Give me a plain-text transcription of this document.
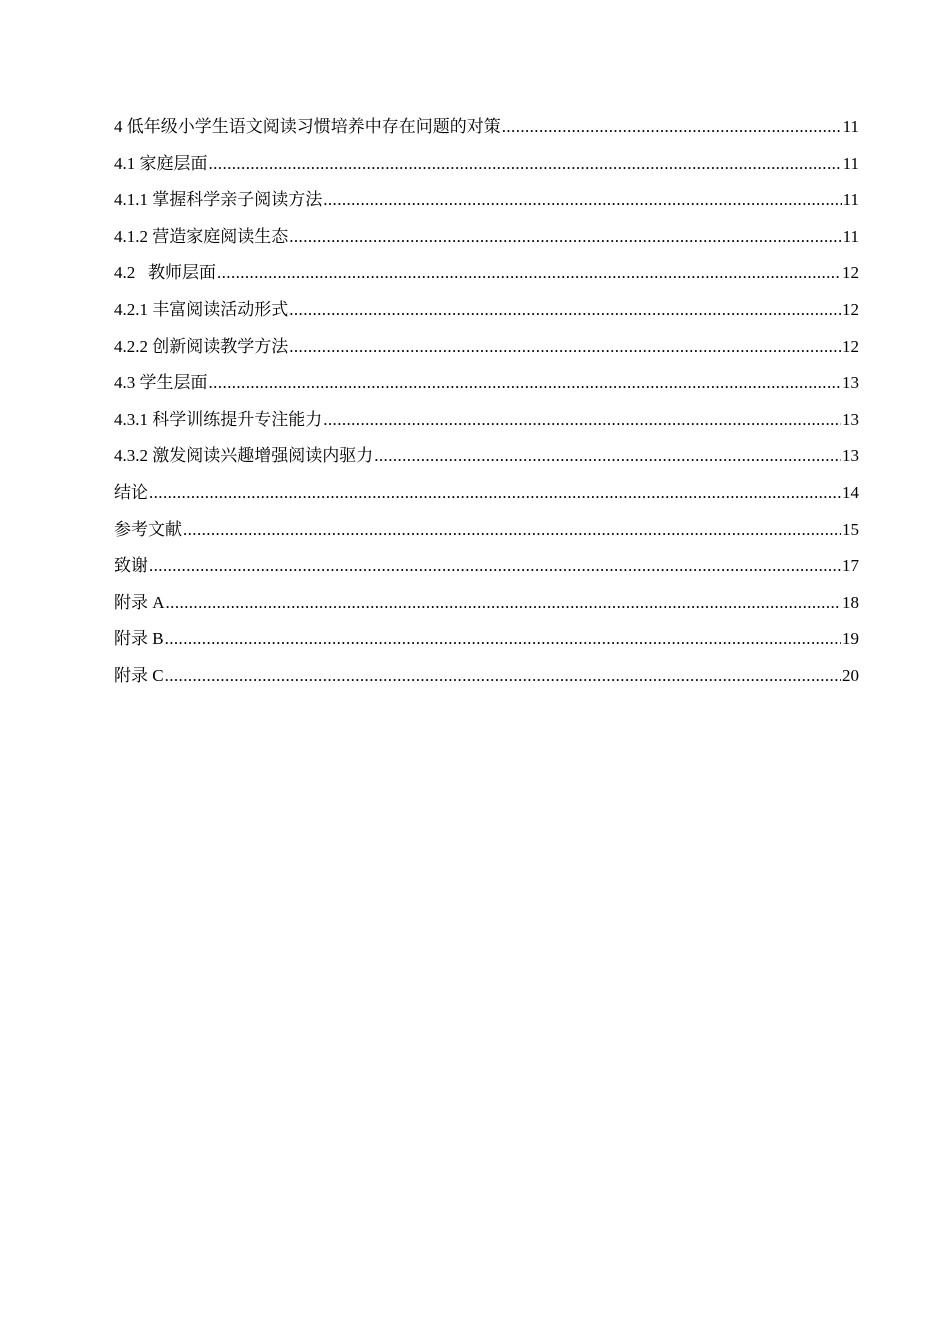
4 低年级小学生语文阅读习惯培养中存在问题的对策 .....	11
4.1 家庭层面 .....	11
4.1.1 掌握科学亲子阅读方法 .....	11
4.1.2 营造家庭阅读生态 .....	11
4.2   教师层面 .....	12
4.2.1 丰富阅读活动形式 .....	12
4.2.2 创新阅读教学方法 .....	12
4.3 学生层面 .....	13
4.3.1 科学训练提升专注能力 .....	13
4.3.2 激发阅读兴趣增强阅读内驱力 .....	13
结论 .....	14
参考文献 .....	15
致谢 .....	17
附录 A .....	18
附录 B .....	19
附录 C .....	20
